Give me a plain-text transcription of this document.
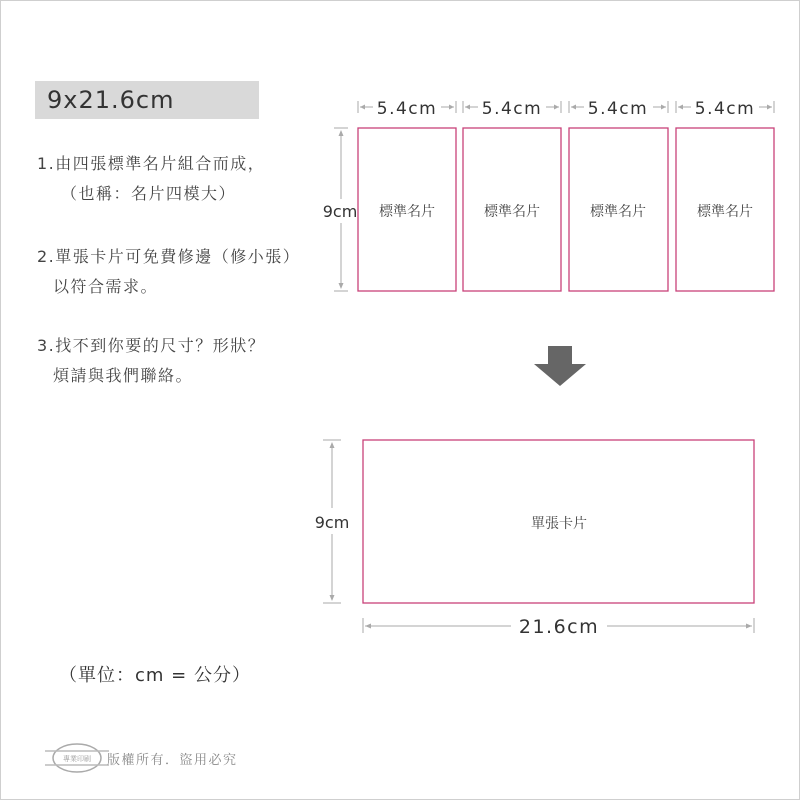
9x21.6cm
1.由四張標準名片組合而成，
（也稱：名片四模大）
2.單張卡片可免費修邊（修小張）
以符合需求。
3.找不到你要的尺寸？形狀？
煩請與我們聯絡。
5.4cm	5.4cm	5.4cm	5.4cm
9cm 標準名片	標準名片	標準名片	標準名片
9cm	單張卡片
21.6cm
專業印刷
（單位：cm = 公分）
版權所有．盜用必究
